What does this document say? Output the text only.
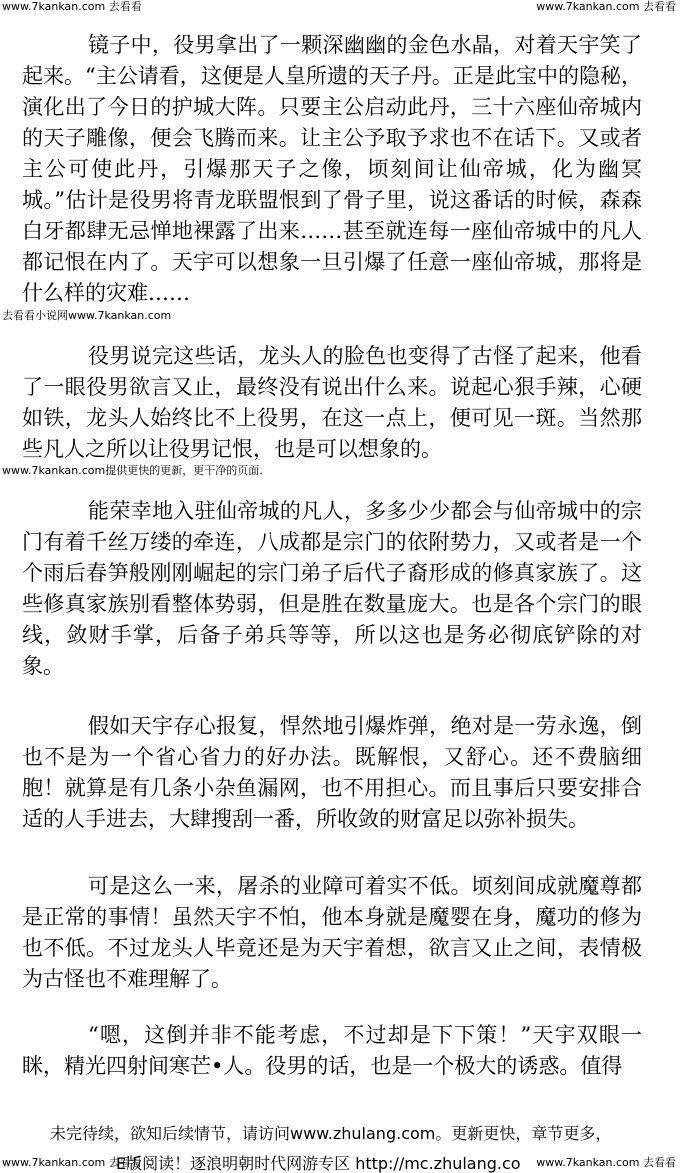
www.7kankan.com 去看看	www.7kankan.com 去看看

镜子中，役男拿出了一颗深幽幽的金色水晶，对着天宇笑了起来。“主公请看，这便是人皇所遗的天子丹。正是此宝中的隐秘，演化出了今日的护城大阵。只要主公启动此丹，三十六座仙帝城内的天子雕像，便会飞腾而来。让主公予取予求也不在话下。又或者主公可使此丹，引爆那天子之像，顷刻间让仙帝城，化为幽冥城。”估计是役男将青龙联盟恨到了骨子里，说这番话的时候，森森白牙都肆无忌惮地裸露了出来……甚至就连每一座仙帝城中的凡人都记恨在内了。天宇可以想象一旦引爆了任意一座仙帝城，那将是什么样的灾难……

去看看小说网www.7kankan.com

役男说完这些话，龙头人的脸色也变得了古怪了起来，他看了一眼役男欲言又止，最终没有说出什么来。说起心狠手辣，心硬如铁，龙头人始终比不上役男，在这一点上，便可见一斑。当然那些凡人之所以让役男记恨，也是可以想象的。

www.7kankan.com提供更快的更新，更干净的页面.

能荣幸地入驻仙帝城的凡人，多多少少都会与仙帝城中的宗门有着千丝万缕的牵连，八成都是宗门的依附势力，又或者是一个个雨后春笋般刚刚崛起的宗门弟子后代子裔形成的修真家族了。这些修真家族别看整体势弱，但是胜在数量庞大。也是各个宗门的眼线，敛财手掌，后备子弟兵等等，所以这也是务必彻底铲除的对象。

假如天宇存心报复，悍然地引爆炸弹，绝对是一劳永逸，倒也不是为一个省心省力的好办法。既解恨，又舒心。还不费脑细胞！就算是有几条小杂鱼漏网，也不用担心。而且事后只要安排合适的人手进去，大肆搜刮一番，所收敛的财富足以弥补损失。

可是这么一来，屠杀的业障可着实不低。顷刻间成就魔尊都是正常的事情！虽然天宇不怕，他本身就是魔婴在身，魔功的修为也不低。不过龙头人毕竟还是为天宇着想，欲言又止之间，表情极为古怪也不难理解了。

“嗯，这倒并非不能考虑，不过却是下下策！”天宇双眼一眯，精光四射间寒芒•人。役男的话，也是一个极大的诱惑。值得

未完待续，欲知后续情节，请访问www.zhulang.com。更新更快，章节更多，
www.7kankan.com 去看看
E版阅读！逐浪明朝时代网游专区 http://mc.zhulang.co www.7kankan.com 去看看
